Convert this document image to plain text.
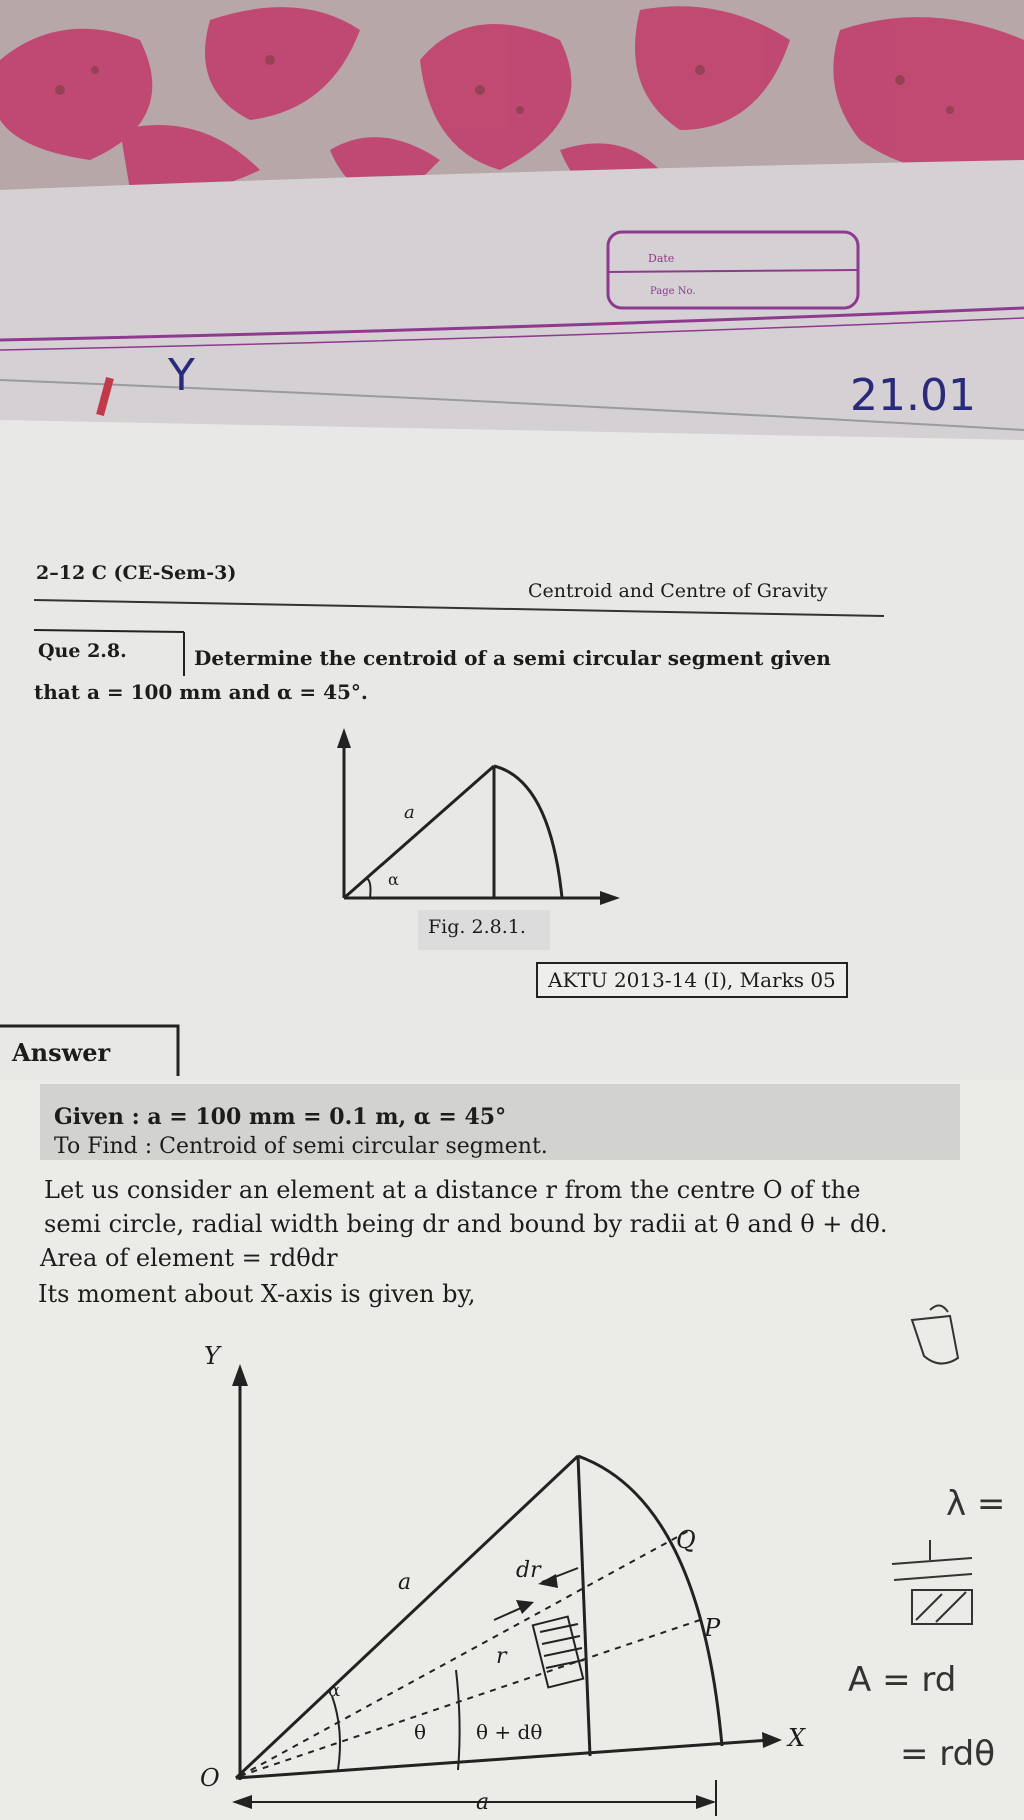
Date
Page No.
Y	21.01
2–12 C (CE-Sem-3)
Centroid and Centre of Gravity
Que 2.8.	Determine the centroid of a semi circular segment given
that a = 100 mm and α = 45°.
a
α
Fig. 2.8.1.
AKTU 2013-14 (I), Marks 05
Answer
Given : a = 100 mm = 0.1 m, α = 45°
To Find : Centroid of semi circular segment.
Let us consider an element at a distance r from the centre O of the
semi circle, radial width being dr and bound by radii at θ and θ + dθ.
Area of element = rdθdr
Its moment about X-axis is given by,
Y
X
O
a
α
dr
r
Q
P
θ θ + dθ
a
λ =
A = rd
= rdθ
